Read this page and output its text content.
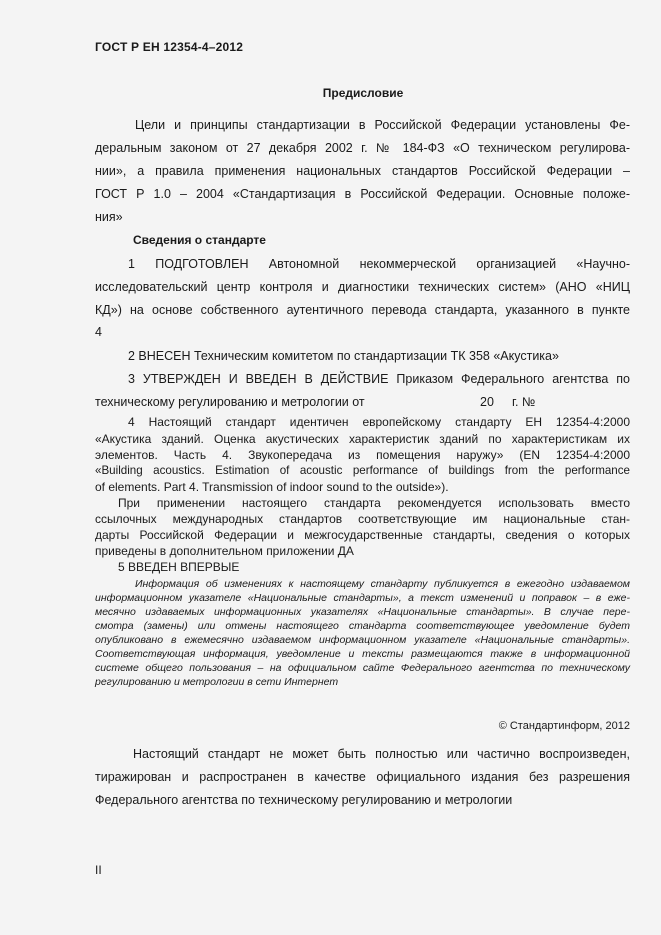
ГОСТ Р ЕН 12354-4–2012
Предисловие
Цели и принципы стандартизации в Российской Федерации установлены Фе-
деральным законом от 27 декабря 2002 г. № 184-ФЗ «О техническом регулирова-
нии», а правила применения национальных стандартов Российской Федерации –
ГОСТ Р 1.0 – 2004 «Стандартизация в Российской Федерации. Основные положе-
ния»
Сведения о стандарте
1 ПОДГОТОВЛЕН Автономной некоммерческой организацией «Научно-
исследовательский центр контроля и диагностики технических систем» (АНО «НИЦ
КД») на основе собственного аутентичного перевода стандарта, указанного в пункте
4
2 ВНЕСЕН Техническим комитетом по стандартизации ТК 358 «Акустика»
3 УТВЕРЖДЕН И ВВЕДЕН В ДЕЙСТВИЕ Приказом Федерального агентства по
техническому регулированию и метрологии от	20 г. №
4 Настоящий стандарт идентичен европейскому стандарту ЕН 12354-4:2000
«Акустика зданий. Оценка акустических характеристик зданий по характеристикам их
элементов. Часть 4. Звукопередача из помещения наружу» (EN 12354-4:2000
«Building acoustics. Estimation of acoustic performance of buildings from the performance
of elements. Part 4. Transmission of indoor sound to the outside»).
При применении настоящего стандарта рекомендуется использовать вместо
ссылочных международных стандартов соответствующие им национальные стан-
дарты Российской Федерации и межгосударственные стандарты, сведения о которых
приведены в дополнительном приложении ДА
5 ВВЕДЕН ВПЕРВЫЕ
Информация об изменениях к настоящему стандарту публикуется в ежегодно издаваемом
информационном указателе «Национальные стандарты», а текст изменений и поправок – в еже-
месячно издаваемых информационных указателях «Национальные стандарты». В случае пере-
смотра (замены) или отмены настоящего стандарта соответствующее уведомление будет
опубликовано в ежемесячно издаваемом информационном указателе «Национальные стандарты».
Соответствующая информация, уведомление и тексты размещаются также в информационной
системе общего пользования – на официальном сайте Федерального агентства по техническому
регулированию и метрологии в сети Интернет
© Стандартинформ, 2012
Настоящий стандарт не может быть полностью или частично воспроизведен,
тиражирован и распространен в качестве официального издания без разрешения
Федерального агентства по техническому регулированию и метрологии
II
